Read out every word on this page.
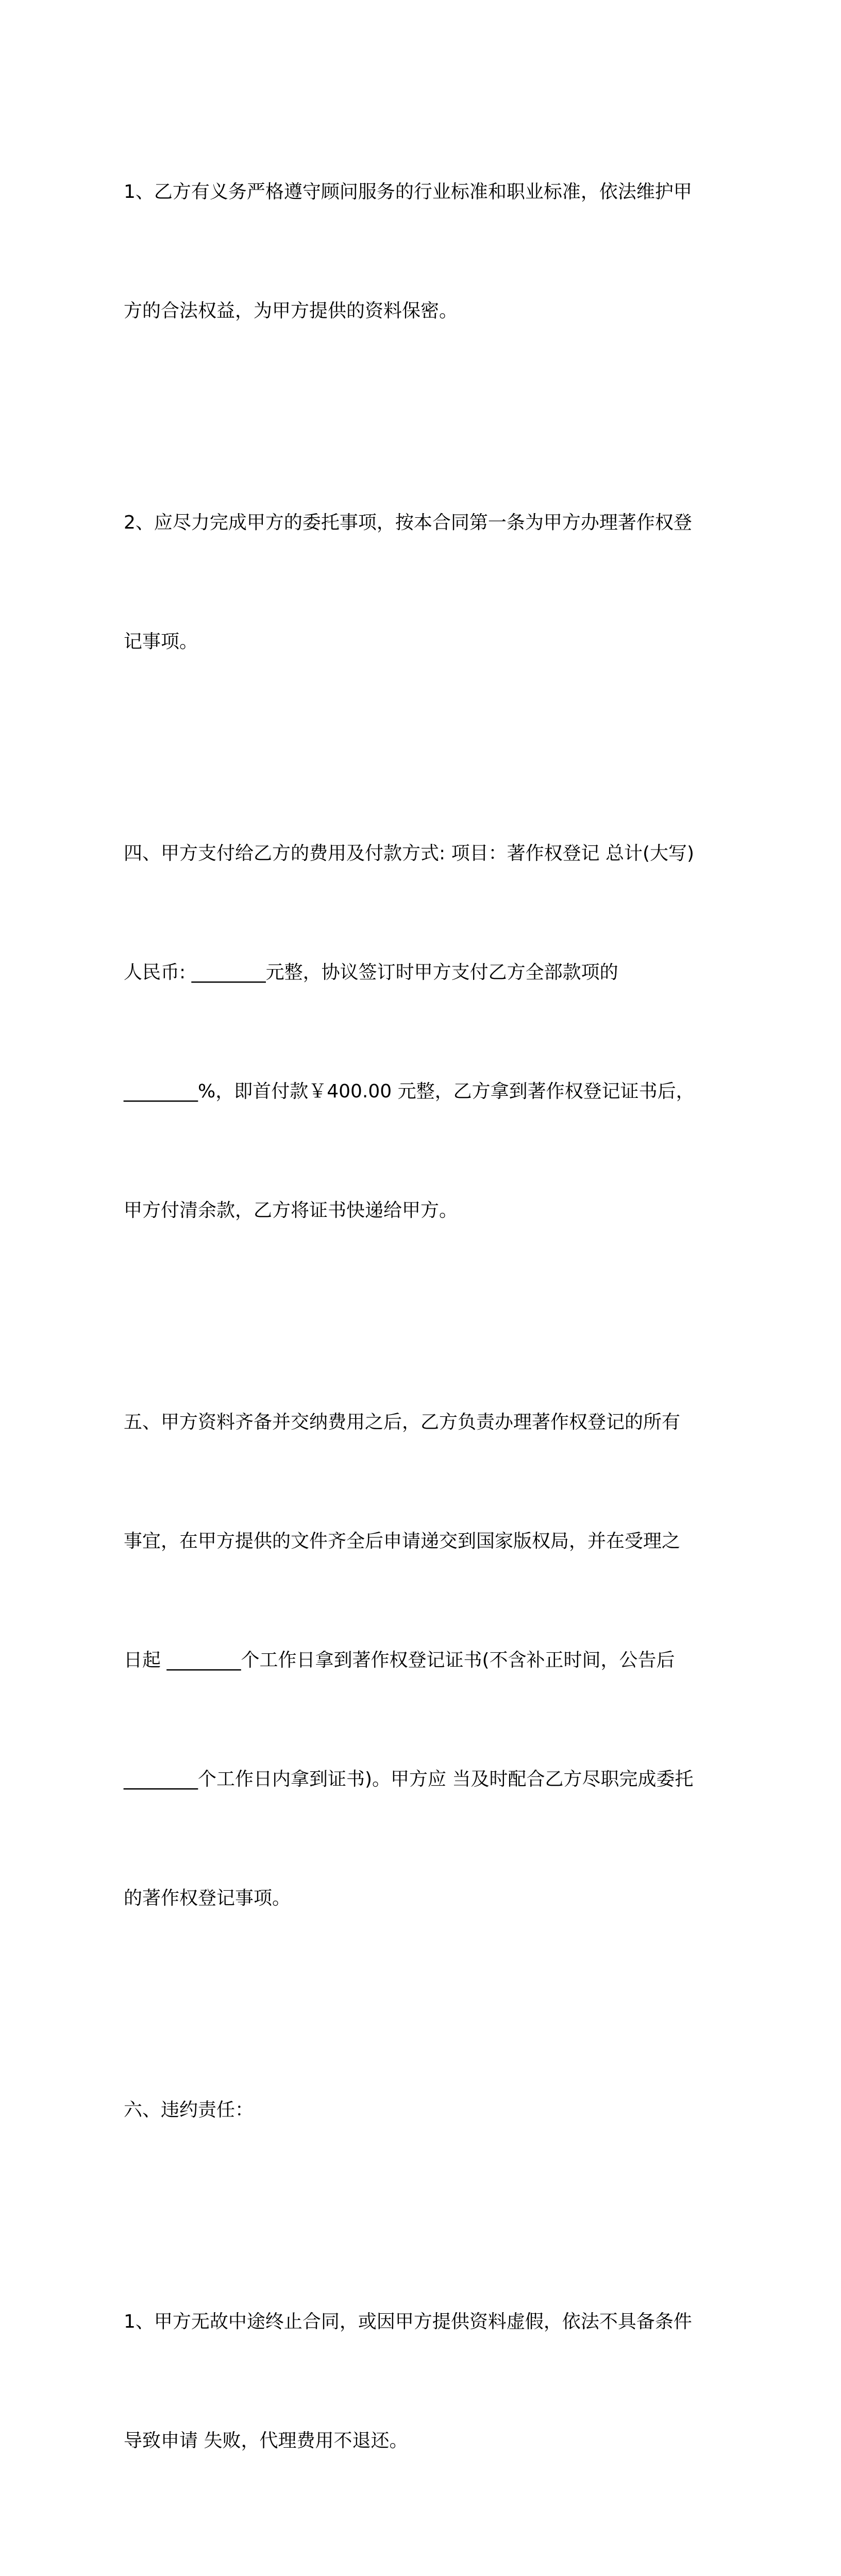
1、乙方有义务严格遵守顾问服务的行业标准和职业标准，依法维护甲

方的合法权益，为甲方提供的资料保密。

2、应尽力完成甲方的委托事项，按本合同第一条为甲方办理著作权登

记事项。

四、甲方支付给乙方的费用及付款方式: 项目：著作权登记 总计(大写)

人民币: ________元整，协议签订时甲方支付乙方全部款项的

________%，即首付款￥400.00 元整，乙方拿到著作权登记证书后，

甲方付清余款，乙方将证书快递给甲方。

五、甲方资料齐备并交纳费用之后，乙方负责办理著作权登记的所有

事宜，在甲方提供的文件齐全后申请递交到国家版权局，并在受理之

日起 ________个工作日拿到著作权登记证书(不含补正时间，公告后

________个工作日内拿到证书)。甲方应 当及时配合乙方尽职完成委托

的著作权登记事项。

六、违约责任：

1、甲方无故中途终止合同，或因甲方提供资料虚假，依法不具备条件

导致申请 失败，代理费用不退还。
